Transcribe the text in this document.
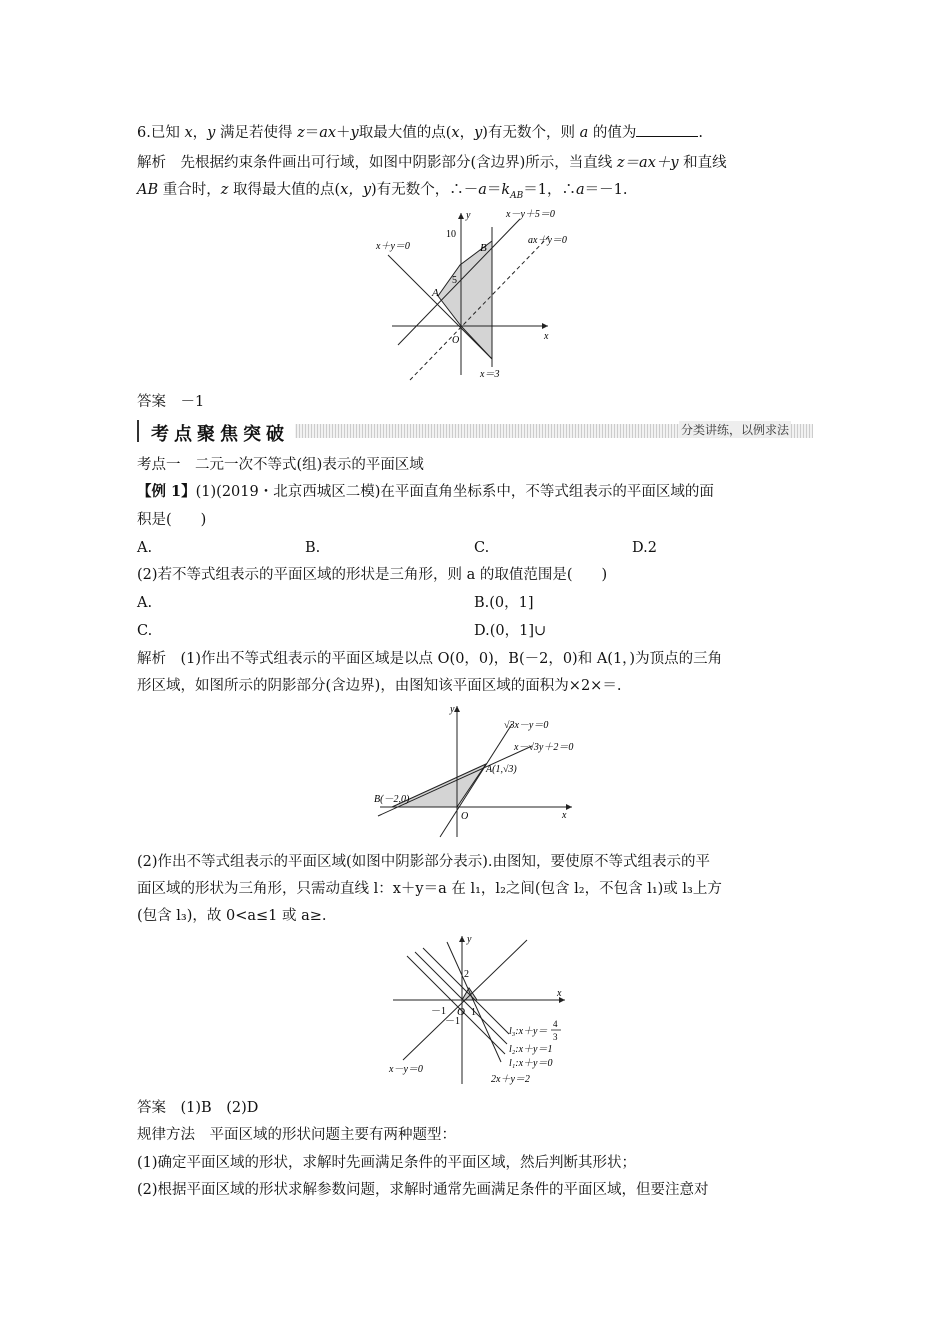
6.已知 x，y 满足若使得 z＝ax＋y取最大值的点(x，y)有无数个，则 a 的值为	.
解析　先根据约束条件画出可行域，如图中阴影部分(含边界)所示，当直线 z＝ax＋y 和直线
AB 重合时，z 取得最大值的点(x，y)有无数个，$\therefore-a=k_{AB}=1$，∴a＝－1.
x－y＋5＝0
ax＋y＝0
x＋y＝0
x＝3
y
x
10
5
O
A
B
答案　－1
考点聚焦突破	分类讲练，以例求法
考点一　二元一次不等式(组)表示的平面区域
【例 1】(1)(2019・北京西城区二模)在平面直角坐标系中，不等式组表示的平面区域的面
积是(　　)
A.	B.	C.	D.2
(2)若不等式组表示的平面区域的形状是三角形，则 a 的取值范围是(　　)
A.	B.(0，1]
C.	D.(0，1]∪
解析　(1)作出不等式组表示的平面区域是以点 O(0，0)，B(－2，0)和 A(1，)为顶点的三角
形区域，如图所示的阴影部分(含边界)，由图知该平面区域的面积为×2×＝.
y
x
O
B(－2,0)
A(1,√3)
√3x－y＝0
x－√3y＋2＝0
(2)作出不等式组表示的平面区域(如图中阴影部分表示).由图知，要使原不等式组表示的平
面区域的形状为三角形，只需动直线 l：x＋y＝a 在 l₁，l₂之间(包含 l₂，不包含 l₁)或 l₃上方
(包含 l₃)，故 0<a≤1 或 a≥.
y
x
2
－1
－1
O 1
l₃:x＋y＝
4
3
l₂:x＋y＝1
l₁:x＋y＝0
x－y＝0
2x＋y＝2
答案　(1)B　(2)D
规律方法　平面区域的形状问题主要有两种题型：
(1)确定平面区域的形状，求解时先画满足条件的平面区域，然后判断其形状；
(2)根据平面区域的形状求解参数问题，求解时通常先画满足条件的平面区域，但要注意对
